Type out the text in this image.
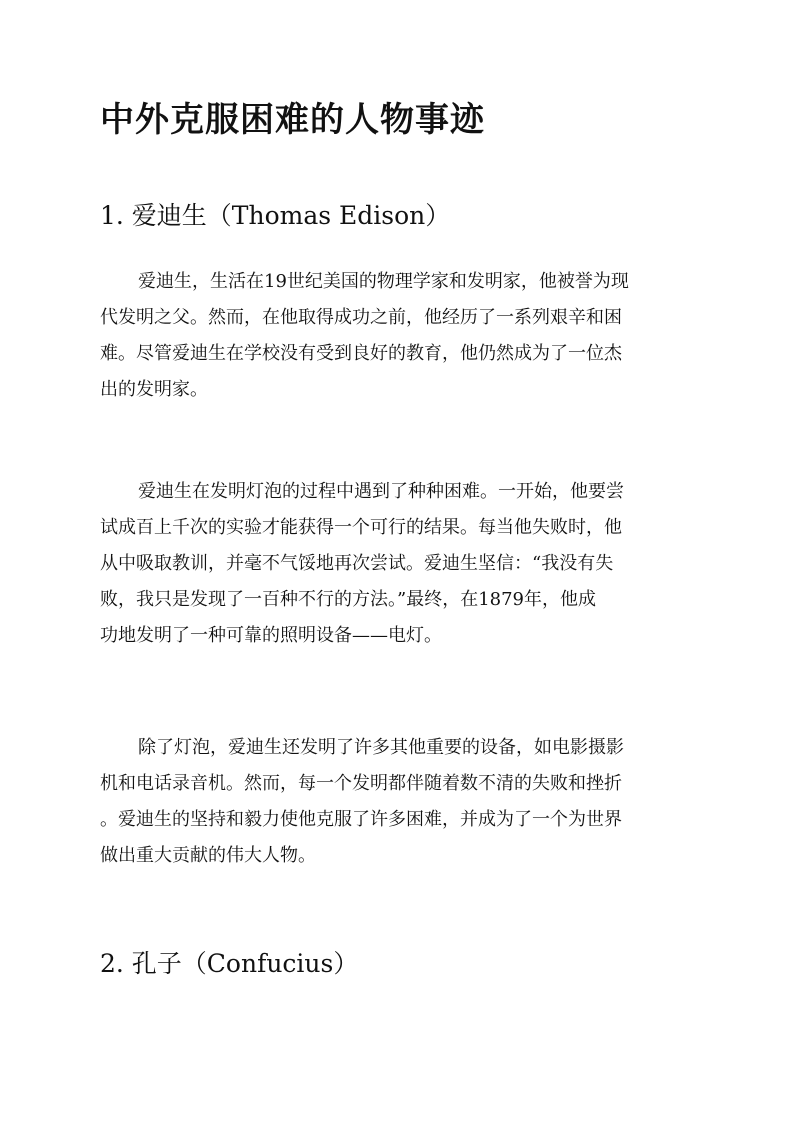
中外克服困难的人物事迹
1. 爱迪生（Thomas Edison）
爱迪生，生活在19世纪美国的物理学家和发明家，他被誉为现
代发明之父。然而，在他取得成功之前，他经历了一系列艰辛和困
难。尽管爱迪生在学校没有受到良好的教育，他仍然成为了一位杰
出的发明家。
爱迪生在发明灯泡的过程中遇到了种种困难。一开始，他要尝
试成百上千次的实验才能获得一个可行的结果。每当他失败时，他
从中吸取教训，并毫不气馁地再次尝试。爱迪生坚信：“我没有失
败，我只是发现了一百种不行的方法。”最终，在1879年，他成
功地发明了一种可靠的照明设备——电灯。
除了灯泡，爱迪生还发明了许多其他重要的设备，如电影摄影
机和电话录音机。然而，每一个发明都伴随着数不清的失败和挫折
。爱迪生的坚持和毅力使他克服了许多困难，并成为了一个为世界
做出重大贡献的伟大人物。
2. 孔子（Confucius）
